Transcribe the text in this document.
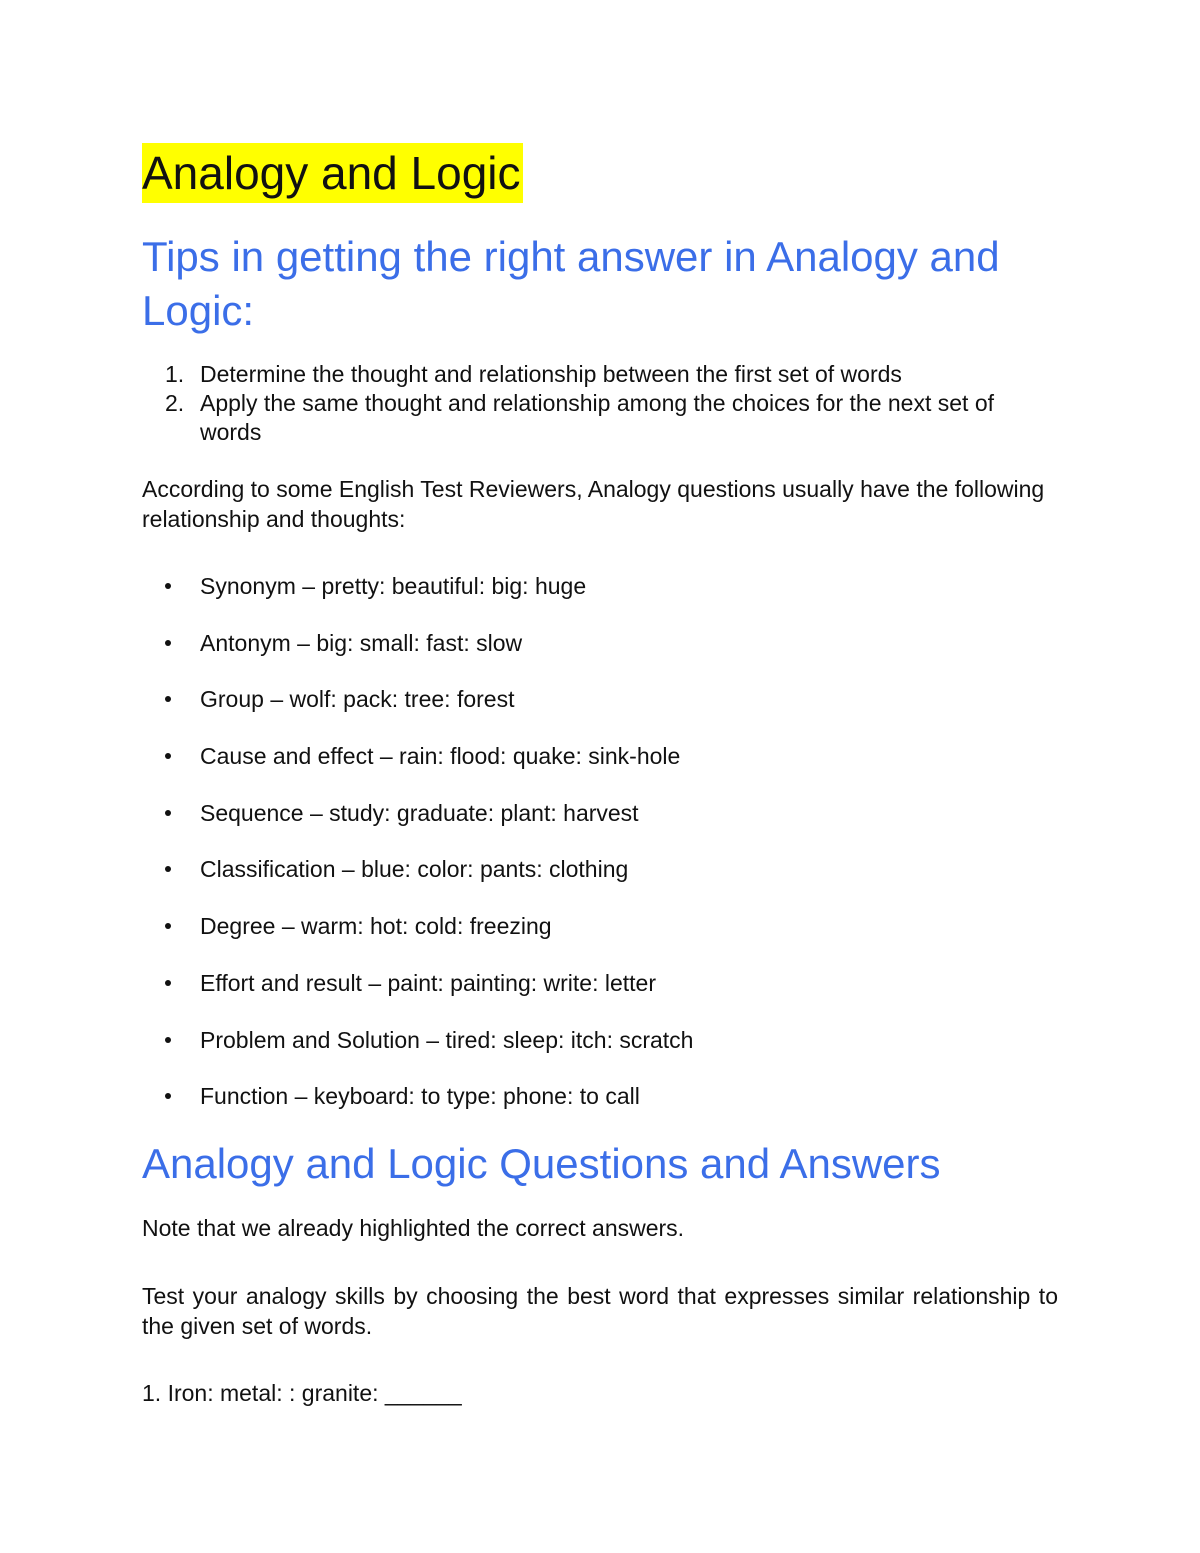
Analogy and Logic
Tips in getting the right answer in Analogy and Logic:
1. Determine the thought and relationship between the first set of words
2. Apply the same thought and relationship among the choices for the next set of words
According to some English Test Reviewers, Analogy questions usually have the following relationship and thoughts:
Synonym – pretty: beautiful: big: huge
Antonym – big: small: fast: slow
Group – wolf: pack: tree: forest
Cause and effect – rain: flood: quake: sink-hole
Sequence – study: graduate: plant: harvest
Classification – blue: color: pants: clothing
Degree – warm: hot: cold: freezing
Effort and result – paint: painting: write: letter
Problem and Solution – tired: sleep: itch: scratch
Function – keyboard: to type: phone: to call
Analogy and Logic Questions and Answers
Note that we already highlighted the correct answers.
Test your analogy skills by choosing the best word that expresses similar relationship to the given set of words.
1. Iron: metal: : granite: ______
